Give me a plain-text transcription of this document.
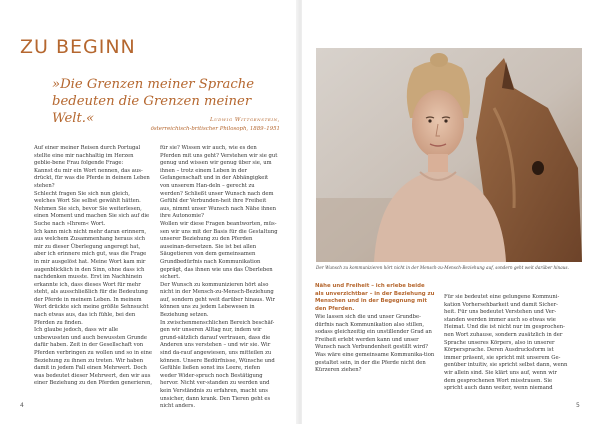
ZU BEGINN

»Die Grenzen meiner Sprache bedeuten die Grenzen meiner Welt.«	Ludwig Wittgenstein,
österreichisch-britischer Philosoph, 1889–1951

Auf einer meiner Reisen durch Portugal stellte eine mir nachhaltig im Herzen geblie-bene Frau folgende Frage:
Kannst du mir ein Wort nennen, das aus-drückt, für was die Pferde in deinem Leben stehen?
Schlecht fragen Sie sich nun gleich, welches Wort Sie selbst gewählt hätten. Nehmen Sie sich, bevor Sie weiterlesen, einen Moment und machen Sie sich auf die Suche nach »Ihrem« Wort.
Ich kann mich nicht mehr daran erinnern, aus welchem Zusammenhang heraus sich mir zu dieser Überlegung angeregt hat, aber ich erinnere mich gut, was die Frage in mir ausgelöst hat. Meine Wort kam mir augenblicklich in den Sinn, ohne dass ich nachdenken musste. Erst im Nachhinein erkannte ich, dass dieses Wort für mehr steht, als ausschließlich für die Bedeutung der Pferde in meinem Leben. In meinem Wort drückte sich meine größte Sehnsucht nach etwas aus, das ich fühle, bei den Pferden zu finden.
Ich glaube jedoch, dass wir alle unbewussten und auch bewussten Grunde dafür haben. Zeit in der Gesellschaft von Pferden verbringen zu wollen und so in eine Beziehung zu ihnen zu treten. Wir haben damit in jedem Fall einen Mehrwert. Doch was bedeutet dieser Mehrwert, den wir aus einer Beziehung zu den Pferden generieren,

für sie? Wissen wir auch, wie es den Pferden mit uns geht? Verstehen wir sie gut genug und wissen wir genug über sie, um ihnen – trotz einem Leben in der Gefangenschaft und in der Abhängigkeit von unserem Han-deln – gerecht zu werden? Schließt unser Wunsch nach dem Gefühl der Verbunden-heit ihre Freiheit aus, nimmt unser Wunsch nach Nähe ihnen ihre Autonomie?
Wollen wir diese Fragen beantworten, müs-sen wir uns mit der Basis für die Gestaltung unserer Beziehung zu den Pferden auseinan-dersetzen. Sie ist bei allen Säugetieren von dem gemeinsamen Grundbedürfnis nach Kommunikation geprägt, das ihnen wie uns das Überleben sichert.
Der Wunsch zu kommunizieren hört also nicht in der Mensch-zu-Mensch-Beziehung auf, sondern geht weit darüber hinaus. Wir können uns zu jedem Lebewesen in Beziehung setzen.
In zwischenmenschlichen Bereich beschäf-gen wir unseren Alltag nur, indem wir grund-sätzlich darauf vertrauen, dass die Anderen uns verstehen – und wir sie. Wir sind da-rauf angewiesen, uns mitteilen zu können. Unsere Bedürfnisse, Wünsche und Gefühle ließen sonst ins Leere, riefen weder Wider-spruch noch Bestätigung hervor. Nicht ver-standen zu werden und kein Verständnis zu erfahren, macht uns unsicher, dann krank. Den Tieren geht es nicht anders.

4
Der Wunsch zu kommunizieren hört nicht in der Mensch-zu-Mensch-Beziehung auf, sondern geht weit darüber hinaus.
Nähe und Freiheit – ich erlebe beide als unverzichtbar – in der Beziehung zu Menschen und in der Begegnung mit den Pferden.

Wie lassen sich die und unser Grundbe-dürfnis nach Kommunikation also stillen, sodass gleichzeitig ein unstillender Grad an Freiheit erlebt werden kann und unser Wunsch nach Verbundenheit gestillt wird? Was wäre eine gemeinsame Kommunika-tion gestaltet sein, in der die Pferde nicht den Kürzeren ziehen?

Für sie bedeutet eine gelungene Kommuni-kation Vorhersehbarkeit und damit Sicher-heit. Für uns bedeutet Verstehen und Ver-standen werden immer auch so etwas wie Heimat. Und die ist nicht nur im gesprochen-nen Wort zuhause, sondern zusätzlich in der Sprache unseres Körpers, also in unserer Körpersprache. Deren Ausdrucksform ist immer präsent, sie spricht mit unserem Ge-genüber intuitiv, sie spricht selbst dann, wenn wir allein sind. Sie klärt uns auf, wenn wir dem gesprochenen Wort misstrauen. Sie spricht auch dann weiter, wenn niemand

5
